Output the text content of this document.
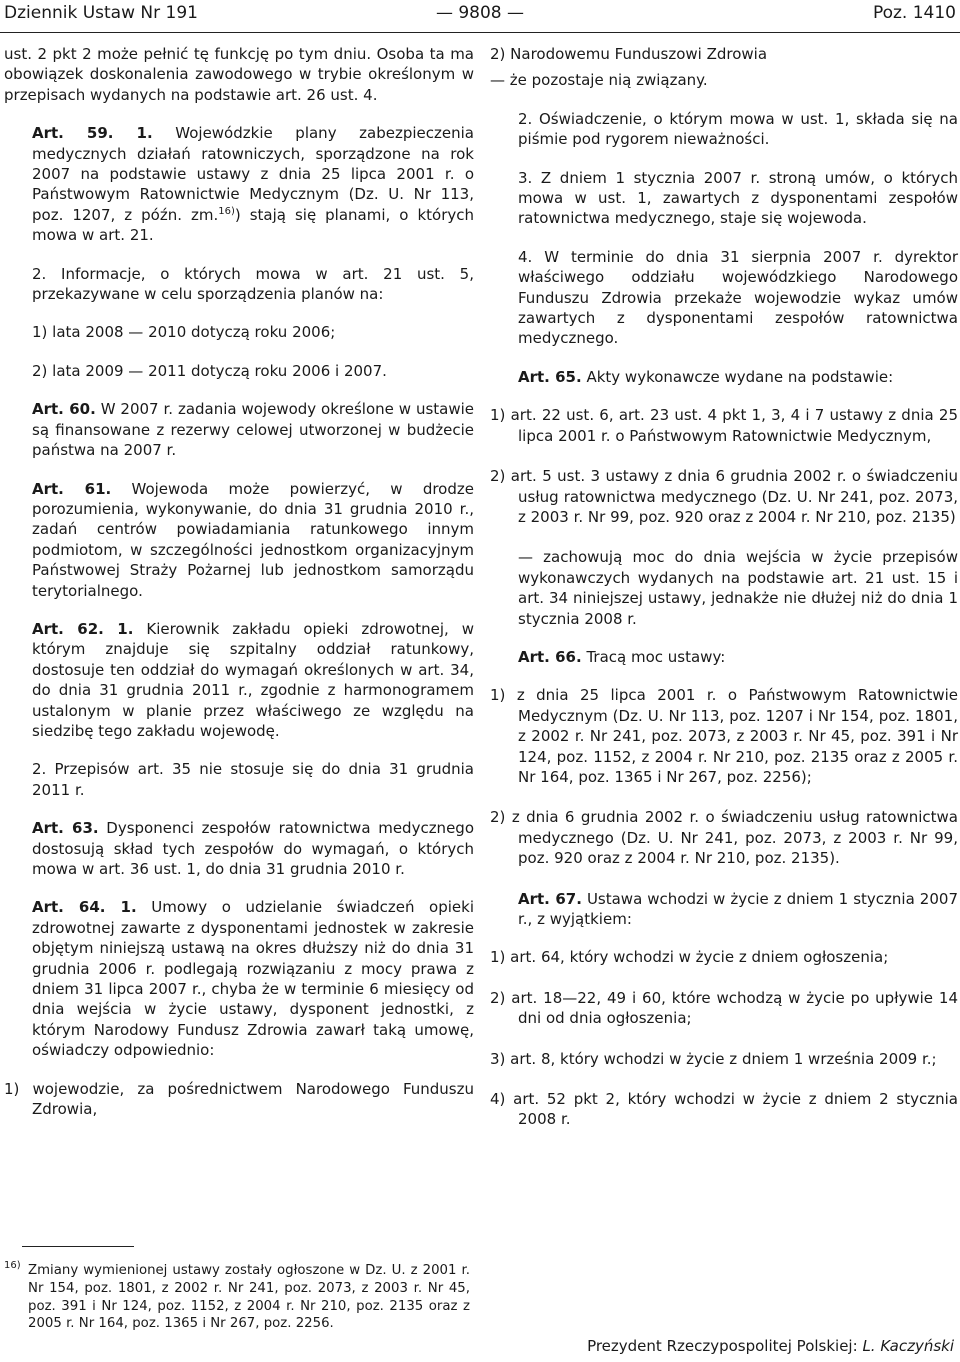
Dziennik Ustaw Nr 191	— 9808 —	Poz. 1410

ust. 2 pkt 2 może pełnić tę funkcję po tym dniu. Osoba ta ma obowiązek doskonalenia zawodowego w trybie określonym w przepisach wydanych na podstawie art. 26 ust. 4.

Art. 59. 1. Wojewódzkie plany zabezpieczenia medycznych działań ratowniczych, sporządzone na rok 2007 na podstawie ustawy z dnia 25 lipca 2001 r. o Państwowym Ratownictwie Medycznym (Dz. U. Nr 113, poz. 1207, z późn. zm.$^{16)}$) stają się planami, o których mowa w art. 21.

2. Informacje, o których mowa w art. 21 ust. 5, przekazywane w celu sporządzenia planów na:

1) lata 2008 — 2010 dotyczą roku 2006;

2) lata 2009 — 2011 dotyczą roku 2006 i 2007.

Art. 60. W 2007 r. zadania wojewody określone w ustawie są finansowane z rezerwy celowej utworzonej w budżecie państwa na 2007 r.

Art. 61. Wojewoda może powierzyć, w drodze porozumienia, wykonywanie, do dnia 31 grudnia 2010 r., zadań centrów powiadamiania ratunkowego innym podmiotom, w szczególności jednostkom organizacyjnym Państwowej Straży Pożarnej lub jednostkom samorządu terytorialnego.

Art. 62. 1. Kierownik zakładu opieki zdrowotnej, w którym znajduje się szpitalny oddział ratunkowy, dostosuje ten oddział do wymagań określonych w art. 34, do dnia 31 grudnia 2011 r., zgodnie z harmonogramem ustalonym w planie przez właściwego ze względu na siedzibę tego zakładu wojewodę.

2. Przepisów art. 35 nie stosuje się do dnia 31 grudnia 2011 r.

Art. 63. Dysponenci zespołów ratownictwa medycznego dostosują skład tych zespołów do wymagań, o których mowa w art. 36 ust. 1, do dnia 31 grudnia 2010 r.

Art. 64. 1. Umowy o udzielanie świadczeń opieki zdrowotnej zawarte z dysponentami jednostek w zakresie objętym niniejszą ustawą na okres dłuższy niż do dnia 31 grudnia 2006 r. podlegają rozwiązaniu z mocy prawa z dniem 31 lipca 2007 r., chyba że w terminie 6 miesięcy od dnia wejścia w życie ustawy, dysponent jednostki, z którym Narodowy Fundusz Zdrowia zawarł taką umowę, oświadczy odpowiednio:

1) wojewodzie, za pośrednictwem Narodowego Funduszu Zdrowia,

16) Zmiany wymienionej ustawy zostały ogłoszone w Dz. U. z 2001 r. Nr 154, poz. 1801, z 2002 r. Nr 241, poz. 2073, z 2003 r. Nr 45, poz. 391 i Nr 124, poz. 1152, z 2004 r. Nr 210, poz. 2135 oraz z 2005 r. Nr 164, poz. 1365 i Nr 267, poz. 2256.

2) Narodowemu Funduszowi Zdrowia

— że pozostaje nią związany.

2. Oświadczenie, o którym mowa w ust. 1, składa się na piśmie pod rygorem nieważności.

3. Z dniem 1 stycznia 2007 r. stroną umów, o których mowa w ust. 1, zawartych z dysponentami zespołów ratownictwa medycznego, staje się wojewoda.

4. W terminie do dnia 31 sierpnia 2007 r. dyrektor właściwego oddziału wojewódzkiego Narodowego Funduszu Zdrowia przekaże wojewodzie wykaz umów zawartych z dysponentami zespołów ratownictwa medycznego.

Art. 65. Akty wykonawcze wydane na podstawie:

1) art. 22 ust. 6, art. 23 ust. 4 pkt 1, 3, 4 i 7 ustawy z dnia 25 lipca 2001 r. o Państwowym Ratownictwie Medycznym,

2) art. 5 ust. 3 ustawy z dnia 6 grudnia 2002 r. o świadczeniu usług ratownictwa medycznego (Dz. U. Nr 241, poz. 2073, z 2003 r. Nr 99, poz. 920 oraz z 2004 r. Nr 210, poz. 2135)

— zachowują moc do dnia wejścia w życie przepisów wykonawczych wydanych na podstawie art. 21 ust. 15 i art. 34 niniejszej ustawy, jednakże nie dłużej niż do dnia 1 stycznia 2008 r.

Art. 66. Tracą moc ustawy:

1) z dnia 25 lipca 2001 r. o Państwowym Ratownictwie Medycznym (Dz. U. Nr 113, poz. 1207 i Nr 154, poz. 1801, z 2002 r. Nr 241, poz. 2073, z 2003 r. Nr 45, poz. 391 i Nr 124, poz. 1152, z 2004 r. Nr 210, poz. 2135 oraz z 2005 r. Nr 164, poz. 1365 i Nr 267, poz. 2256);

2) z dnia 6 grudnia 2002 r. o świadczeniu usług ratownictwa medycznego (Dz. U. Nr 241, poz. 2073, z 2003 r. Nr 99, poz. 920 oraz z 2004 r. Nr 210, poz. 2135).

Art. 67. Ustawa wchodzi w życie z dniem 1 stycznia 2007 r., z wyjątkiem:

1) art. 64, który wchodzi w życie z dniem ogłoszenia;

2) art. 18—22, 49 i 60, które wchodzą w życie po upływie 14 dni od dnia ogłoszenia;

3) art. 8, który wchodzi w życie z dniem 1 września 2009 r.;

4) art. 52 pkt 2, który wchodzi w życie z dniem 2 stycznia 2008 r.

Prezydent Rzeczypospolitej Polskiej: L. Kaczyński
